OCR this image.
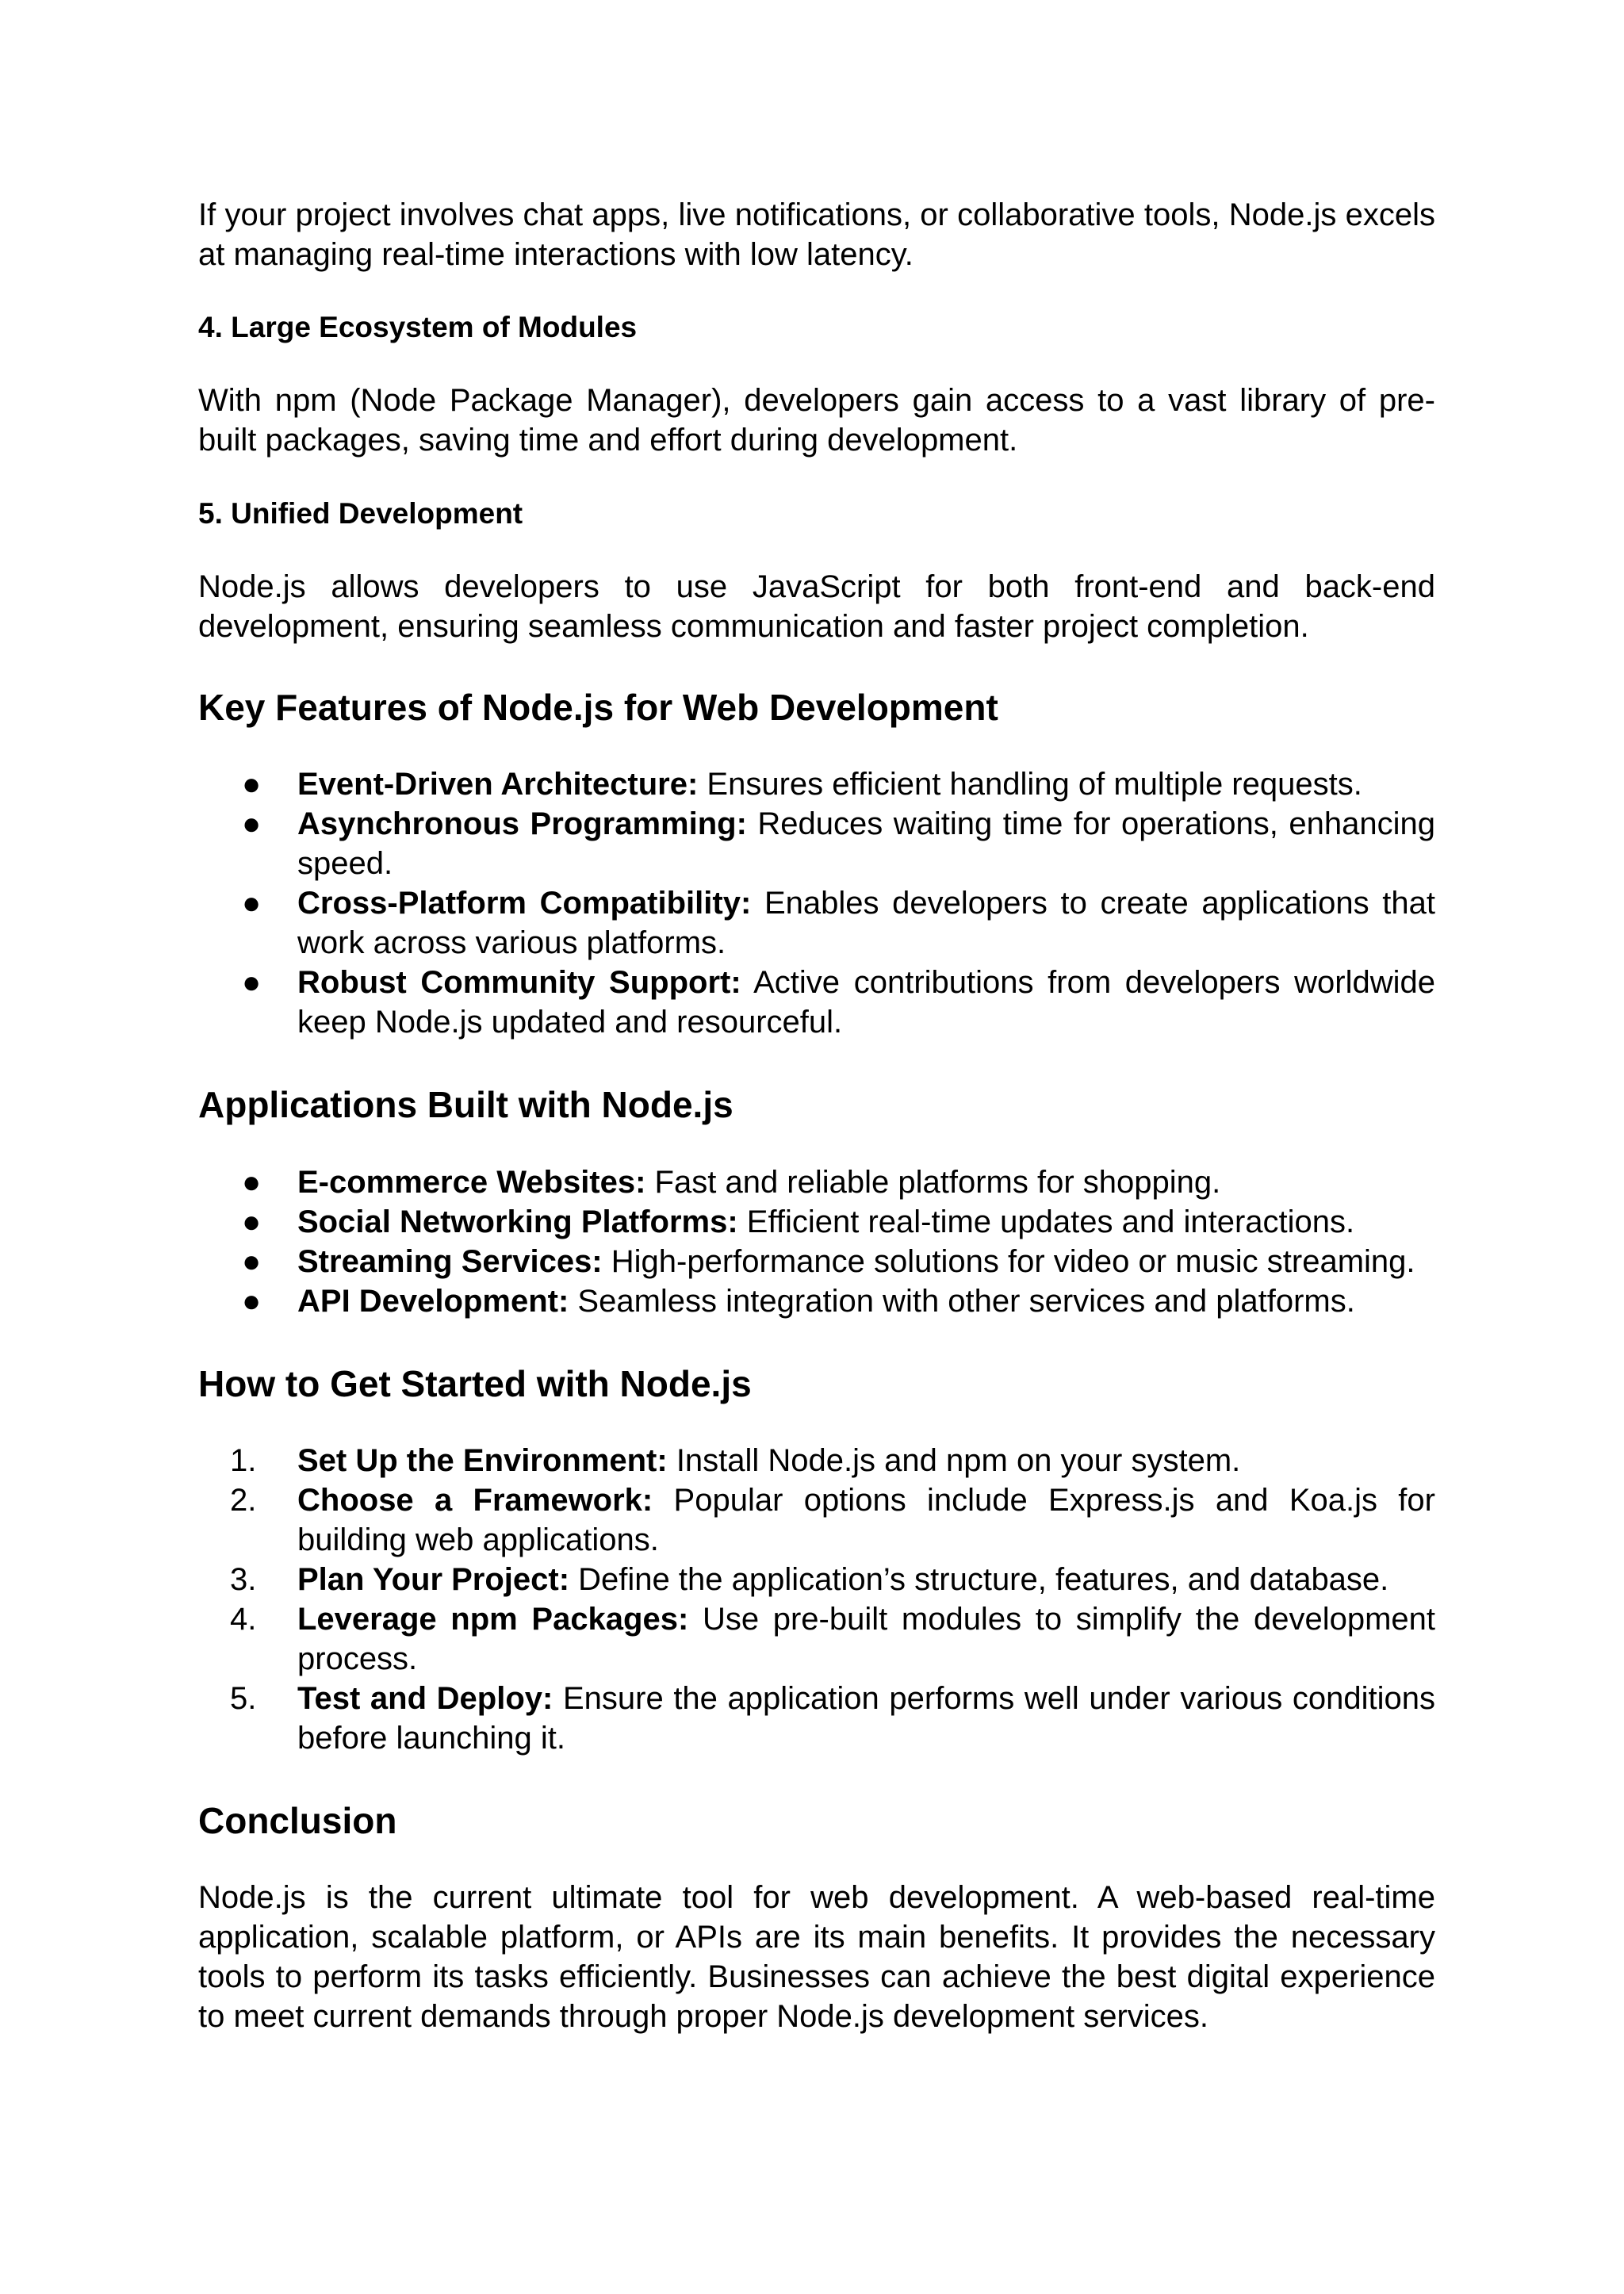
If your project involves chat apps, live notifications, or collaborative tools, Node.js excels at managing real-time interactions with low latency.

4. Large Ecosystem of Modules

With npm (Node Package Manager), developers gain access to a vast library of pre-built packages, saving time and effort during development.

5. Unified Development

Node.js allows developers to use JavaScript for both front-end and back-end development, ensuring seamless communication and faster project completion.

Key Features of Node.js for Web Development
●	Event-Driven Architecture: Ensures efficient handling of multiple requests.
●	Asynchronous Programming: Reduces waiting time for operations, enhancing speed.
●	Cross-Platform Compatibility: Enables developers to create applications that work across various platforms.
●	Robust Community Support: Active contributions from developers worldwide keep Node.js updated and resourceful.
Applications Built with Node.js
●	E-commerce Websites: Fast and reliable platforms for shopping.
●	Social Networking Platforms: Efficient real-time updates and interactions.
●	Streaming Services: High-performance solutions for video or music streaming.
●	API Development: Seamless integration with other services and platforms.
How to Get Started with Node.js
1.	Set Up the Environment: Install Node.js and npm on your system.
2.	Choose a Framework: Popular options include Express.js and Koa.js for building web applications.
3.	Plan Your Project: Define the application’s structure, features, and database.
4.	Leverage npm Packages: Use pre-built modules to simplify the development process.
5.	Test and Deploy: Ensure the application performs well under various conditions before launching it.
Conclusion

Node.js is the current ultimate tool for web development. A web-based real-time application, scalable platform, or APIs are its main benefits. It provides the necessary tools to perform its tasks efficiently. Businesses can achieve the best digital experience to meet current demands through proper Node.js development services.
